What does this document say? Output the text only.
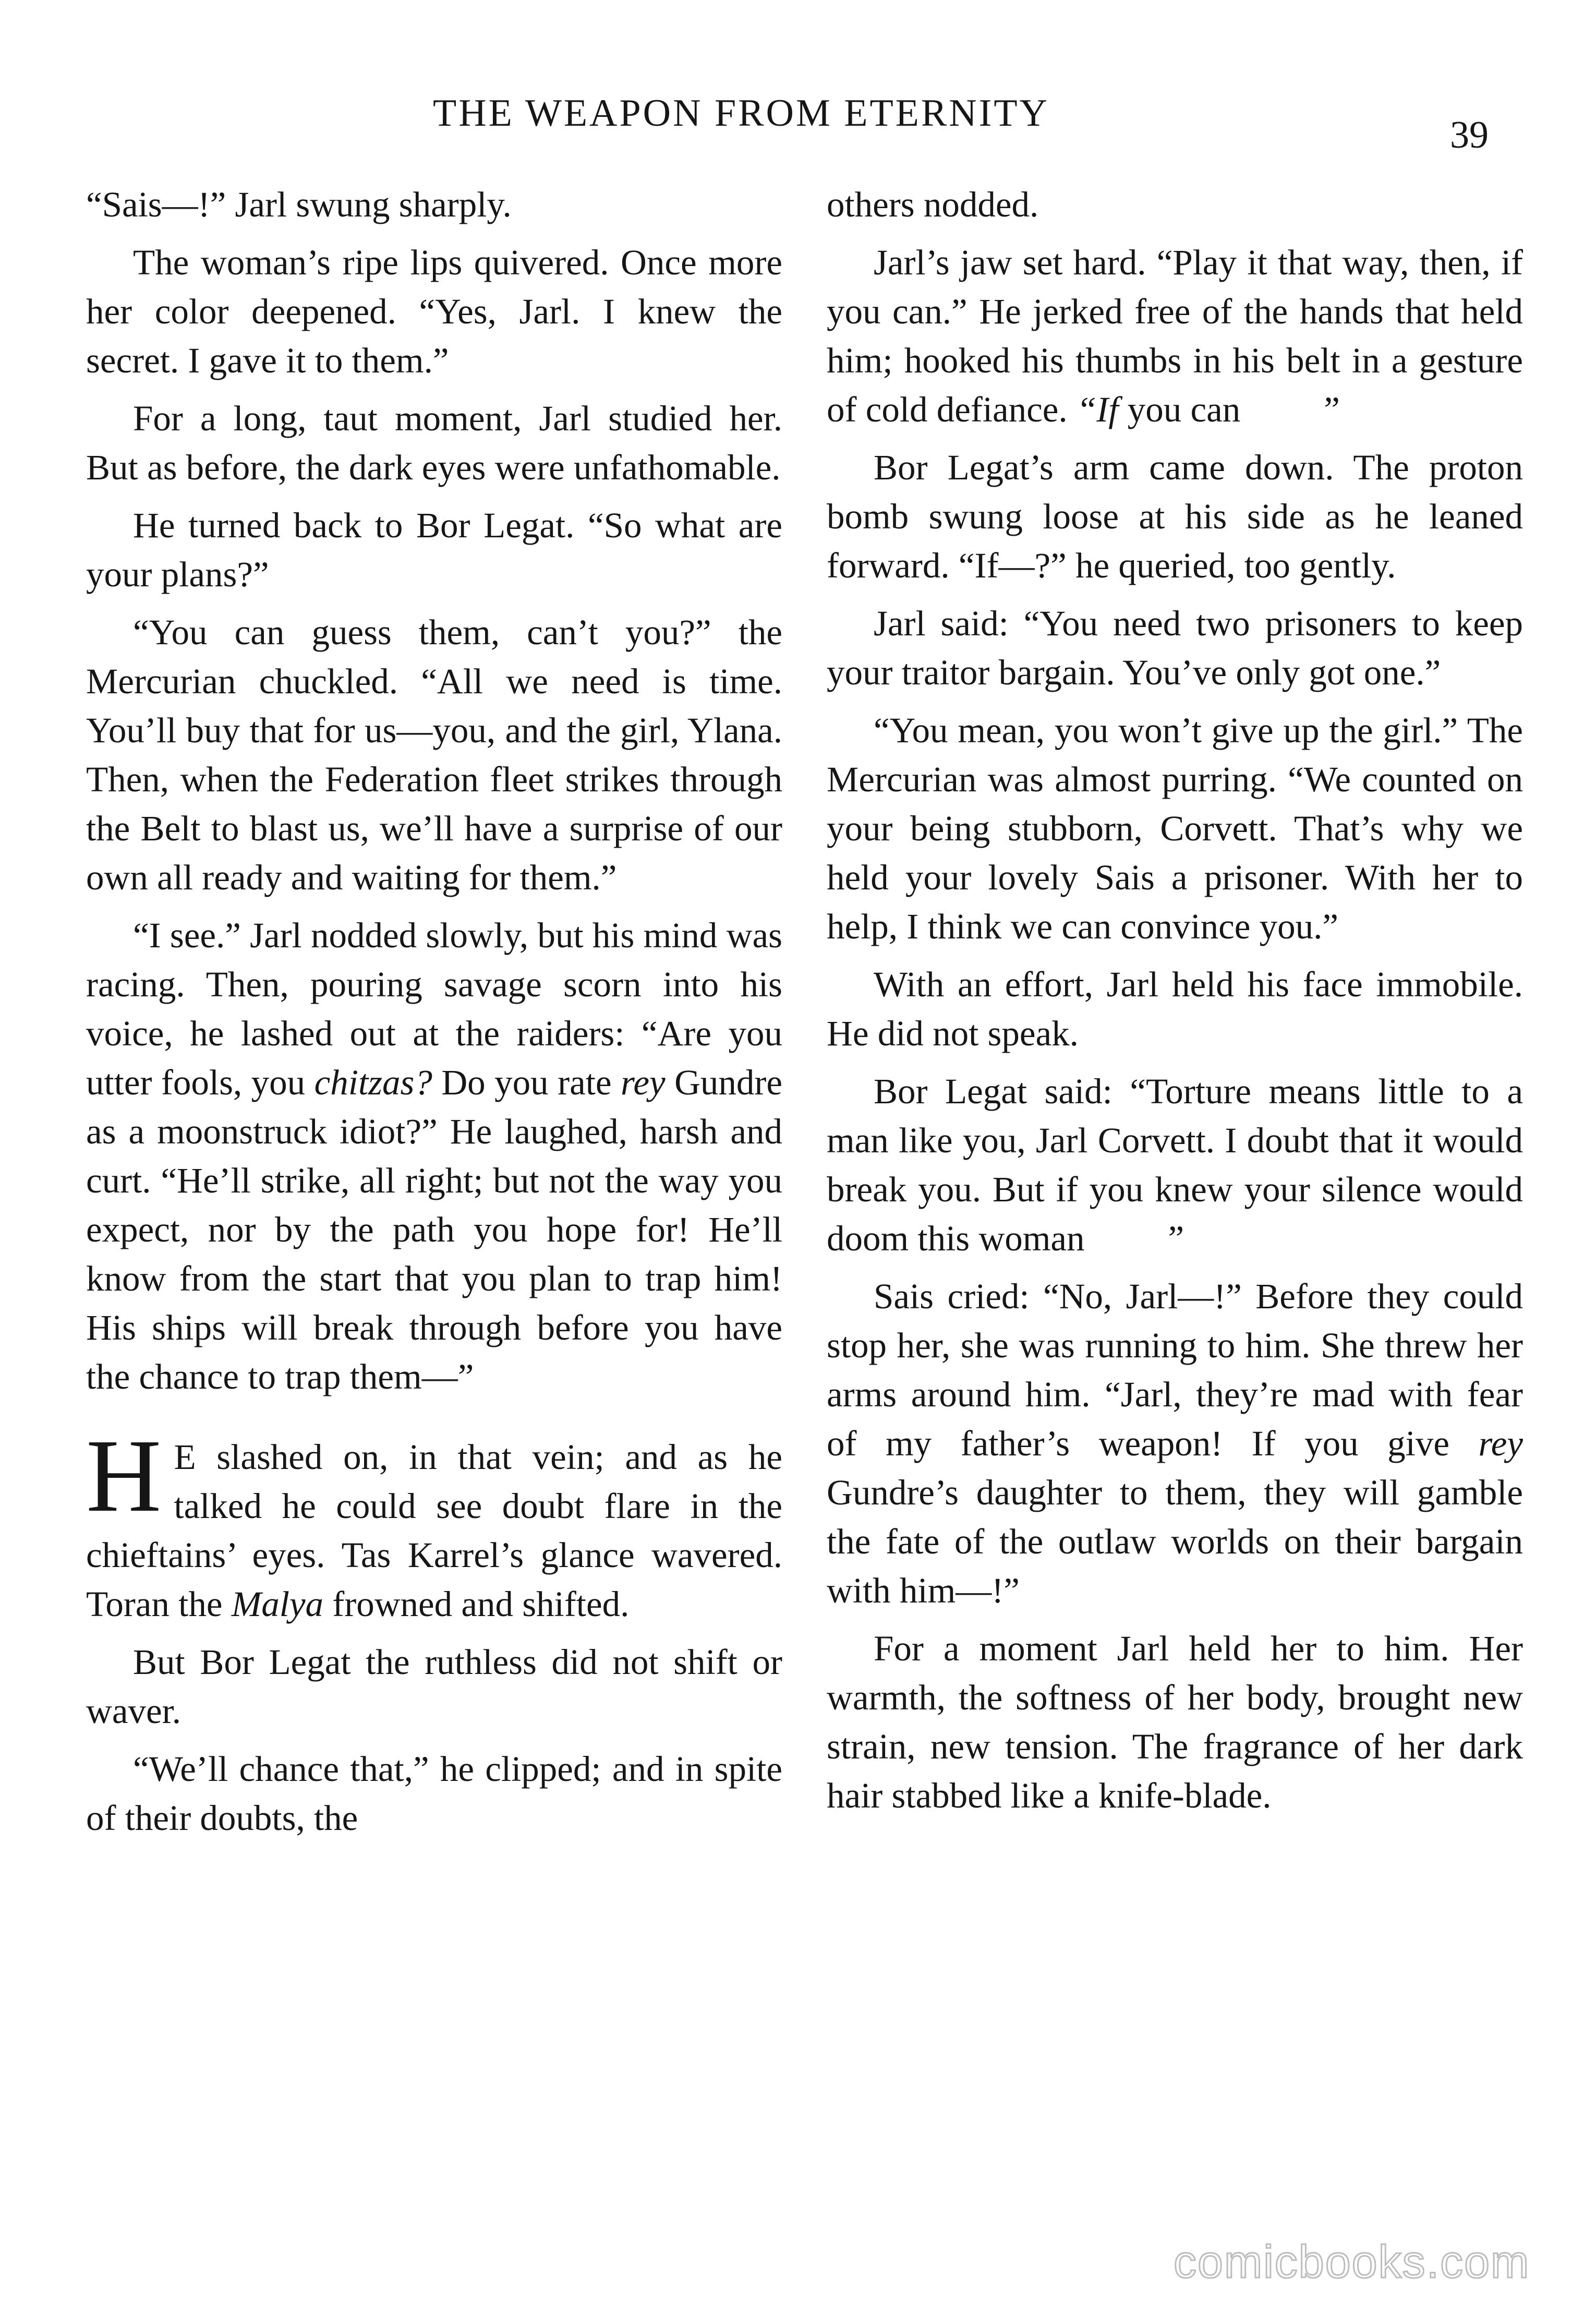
THE WEAPON FROM ETERNITY
39

“Sais—!” Jarl swung sharply.

The woman’s ripe lips quivered. Once more her color deepened. “Yes, Jarl. I knew the secret. I gave it to them.”

For a long, taut moment, Jarl studied her. But as before, the dark eyes were unfathomable.

He turned back to Bor Legat. “So what are your plans?”

“You can guess them, can’t you?” the Mercurian chuckled. “All we need is time. You’ll buy that for us—you, and the girl, Ylana. Then, when the Federation fleet strikes through the Belt to blast us, we’ll have a surprise of our own all ready and waiting for them.”

“I see.” Jarl nodded slowly, but his mind was racing. Then, pouring savage scorn into his voice, he lashed out at the raiders: “Are you utter fools, you chitzas? Do you rate rey Gundre as a moonstruck idiot?” He laughed, harsh and curt. “He’ll strike, all right; but not the way you expect, nor by the path you hope for! He’ll know from the start that you plan to trap him! His ships will break through before you have the chance to trap them—”

H E slashed on, in that vein; and as he talked he could see doubt flare in the chieftains’ eyes. Tas Karrel’s glance wavered. Toran the Malya frowned and shifted.

But Bor Legat the ruthless did not shift or waver.

“We’ll chance that,” he clipped; and in spite of their doubts, the

others nodded.

Jarl’s jaw set hard. “Play it that way, then, if you can.” He jerked free of the hands that held him; hooked his thumbs in his belt in a gesture of cold defiance. “If you can ”

Bor Legat’s arm came down. The proton bomb swung loose at his side as he leaned forward. “If—?” he queried, too gently.

Jarl said: “You need two prisoners to keep your traitor bargain. You’ve only got one.”

“You mean, you won’t give up the girl.” The Mercurian was almost purring. “We counted on your being stubborn, Corvett. That’s why we held your lovely Sais a prisoner. With her to help, I think we can convince you.”

With an effort, Jarl held his face immobile. He did not speak.

Bor Legat said: “Torture means little to a man like you, Jarl Corvett. I doubt that it would break you. But if you knew your silence would doom this woman ”

Sais cried: “No, Jarl—!” Before they could stop her, she was running to him. She threw her arms around him. “Jarl, they’re mad with fear of my father’s weapon! If you give rey Gundre’s daughter to them, they will gamble the fate of the outlaw worlds on their bargain with him—!”

For a moment Jarl held her to him. Her warmth, the softness of her body, brought new strain, new tension. The fragrance of her dark hair stabbed like a knife-blade.

comicbooks.com
